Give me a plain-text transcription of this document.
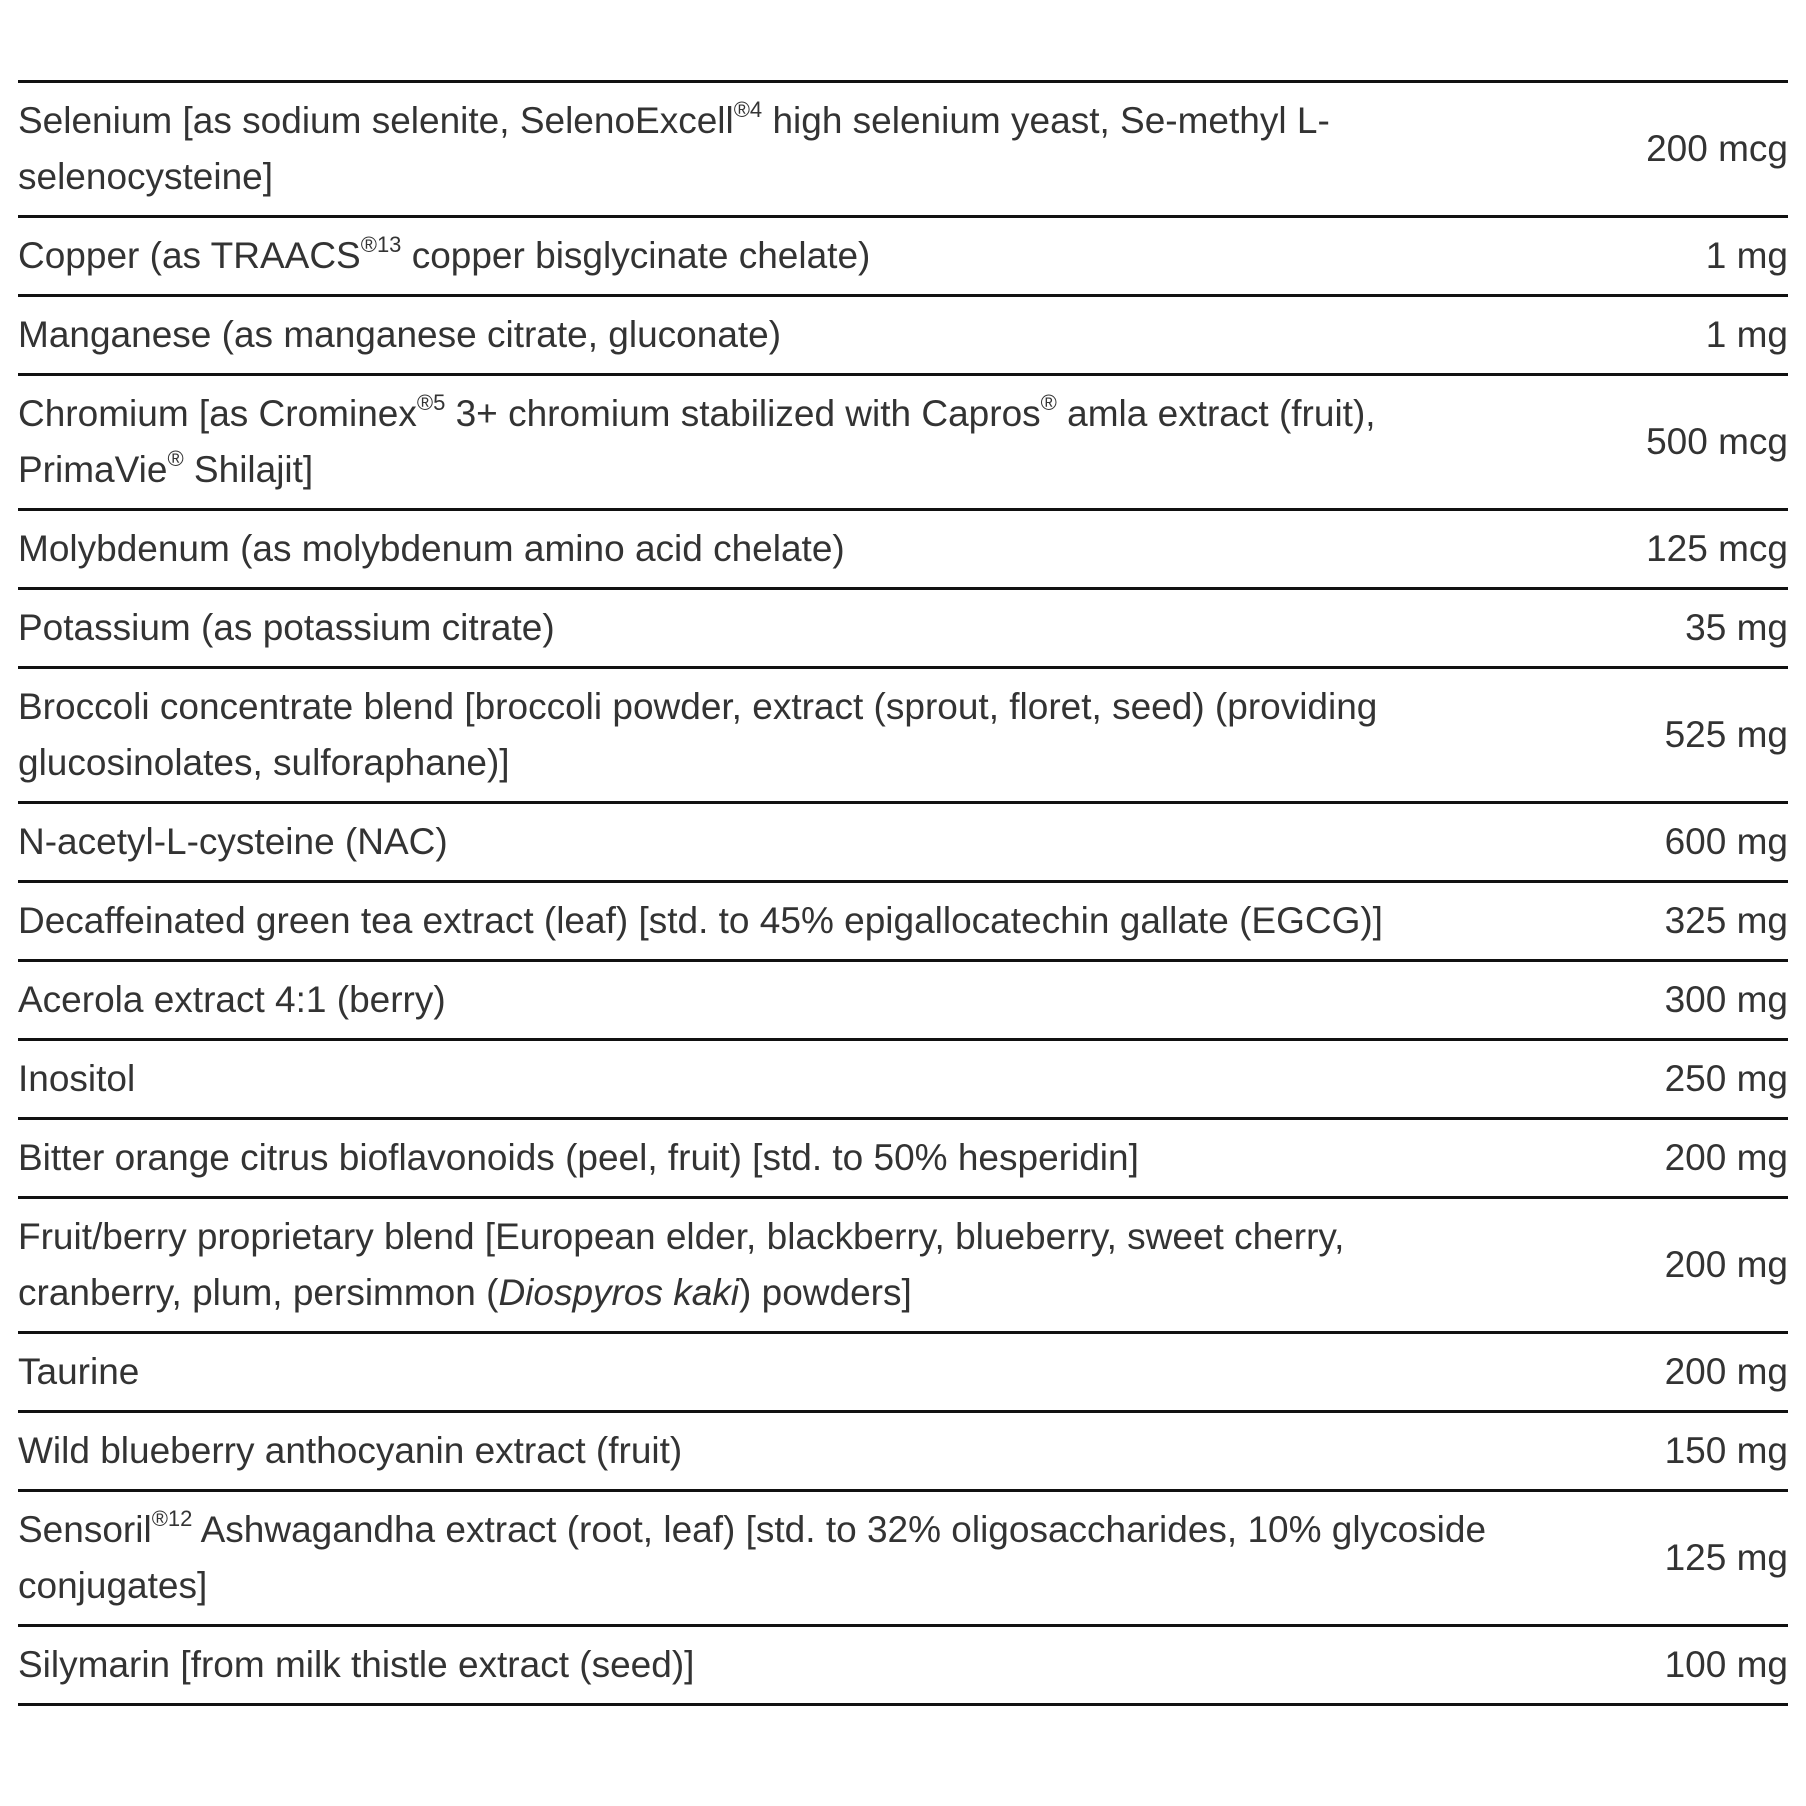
Selenium [as sodium selenite, SelenoExcell$^{®4}$ high selenium yeast, Se-methyl L-selenocysteine]	200 mcg
Copper (as $TRAACS^{®13}$ copper bisglycinate chelate)	1 mg
Manganese (as manganese citrate, gluconate)	1 mg
Chromium [as Crominex$^{®5}$ 3+ chromium stabilized with Capros® amla extract (fruit), PrimaVie® Shilajit]	500 mcg
Molybdenum (as molybdenum amino acid chelate)	125 mcg
Potassium (as potassium citrate)	35 mg
Broccoli concentrate blend [broccoli powder, extract (sprout, floret, seed) (providing glucosinolates, sulforaphane)]	525 mg
N-acetyl-L-cysteine (NAC)	600 mg
Decaffeinated green tea extract (leaf) [std. to 45% epigallocatechin gallate (EGCG)]	325 mg
Acerola extract 4:1 (berry)	300 mg
Inositol	250 mg
Bitter orange citrus bioflavonoids (peel, fruit) [std. to 50% hesperidin]	200 mg
Fruit/berry proprietary blend [European elder, blackberry, blueberry, sweet cherry, cranberry, plum, persimmon (Diospyros kaki) powders]	200 mg
Taurine	200 mg
Wild blueberry anthocyanin extract (fruit)	150 mg
Sensoril$^{®12}$ Ashwagandha extract (root, leaf) [std. to 32% oligosaccharides, 10% glycoside conjugates]	125 mg
Silymarin [from milk thistle extract (seed)]	100 mg
